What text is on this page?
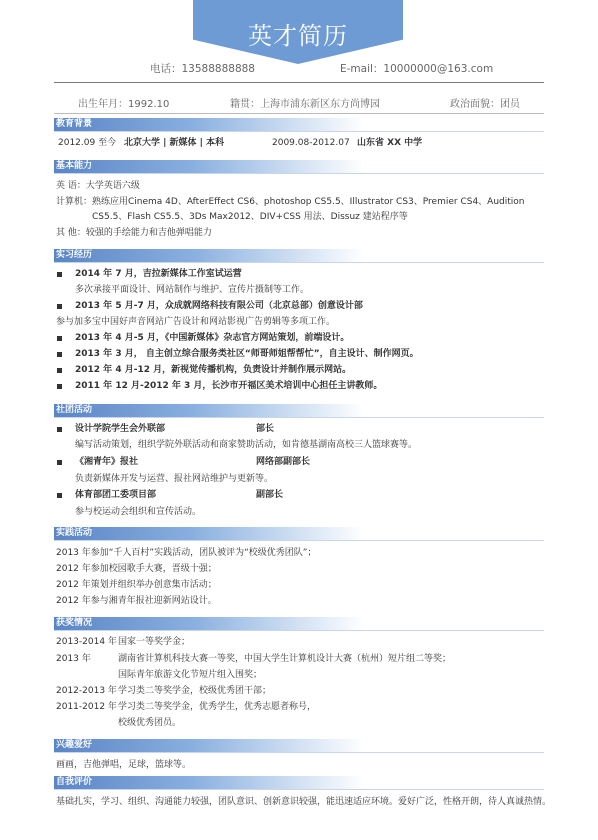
英才简历
电话：13588888888	E-mail：10000000@163.com
出生年月：1992.10	籍贯：上海市浦东新区东方尚博园	政治面貌：团员
教育背景
2012.09 至今 北京大学 | 新媒体 | 本科	2009.08-2012.07 山东省 XX 中学
基本能力
英 语：大学英语六级
计算机：熟练应用Cinema 4D、AfterEffect CS6、photoshop CS5.5、Illustrator CS3、Premier CS4、Audition
CS5.5、Flash CS5.5、3Ds Max2012、DIV+CSS 用法、Dissuz 建站程序等
其 他：较强的手绘能力和吉他弹唱能力
实习经历
2014 年 7 月，吉拉新媒体工作室试运营
多次承接平面设计、网站制作与维护、宣传片摄制等工作。
2013 年 5 月-7 月，众成就网络科技有限公司（北京总部）创意设计部
参与加多宝中国好声音网站广告设计和网站影视广告剪辑等多项工作。
2013 年 4 月-5 月，《中国新媒体》杂志官方网站策划，前端设计。
2013 年 3 月， 自主创立综合服务类社区“师哥师姐帮帮忙”，自主设计、制作网页。
2012 年 4 月-12 月，新视觉传播机构，负责设计并制作展示网站。
2011 年 12 月-2012 年 3 月，长沙市开福区美术培训中心担任主讲教师。
社团活动
设计学院学生会外联部	部长
编写活动策划，组织学院外联活动和商家赞助活动，如肯德基湖南高校三人篮球赛等。
《湘青年》报社	网络部副部长
负责新媒体开发与运营、报社网站维护与更新等。
体育部团工委项目部	副部长
参与校运动会组织和宣传活动。
实践活动
2013 年参加“千人百村”实践活动，团队被评为“校级优秀团队”；
2012 年参加校园歌手大赛，晋级十强；
2012 年策划并组织举办创意集市活动；
2012 年参与湘青年报社迎新网站设计。
获奖情况
2013-2014 年 国家一等奖学金；
2013 年	湖南省计算机科技大赛一等奖，中国大学生计算机设计大赛（杭州）短片组二等奖；
国际青年旅游文化节短片组入围奖；
2012-2013 年 学习类二等奖学金，校级优秀团干部；
2011-2012 年 学习类二等奖学金，优秀学生，优秀志愿者称号，
校级优秀团员。
兴趣爱好
画画，吉他弹唱，足球，篮球等。
自我评价
基础扎实，学习、组织、沟通能力较强，团队意识、创新意识较强，能迅速适应环境。爱好广泛，性格开朗，待人真诚热情。
